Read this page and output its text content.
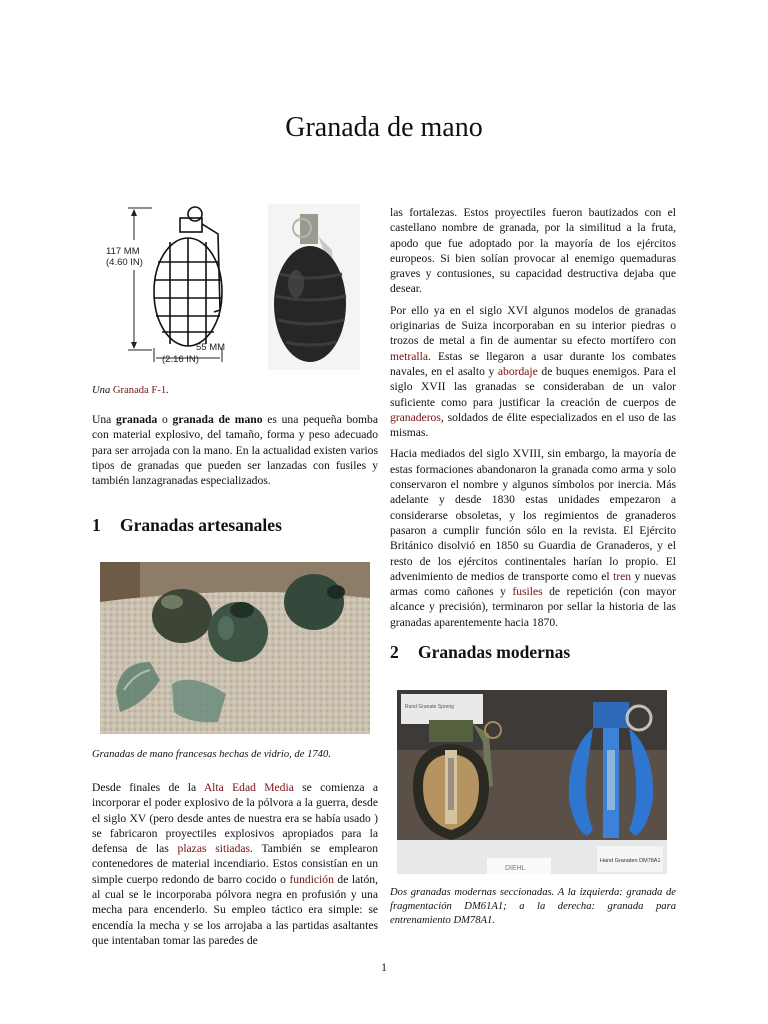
Granada de mano
117 MM
(4.60 IN)
55 MM
(2.16 IN)
Una Granada F-1.

Una granada o granada de mano es una pequeña bomba con material explosivo, del tamaño, forma y peso adecuado para ser arrojada con la mano. En la actualidad existen varios tipos de granadas que pueden ser lanzadas con fusiles y también lanzagranadas especializados.

1 Granadas artesanales
Granadas de mano francesas hechas de vidrio, de 1740.

Desde finales de la Alta Edad Media se comienza a incorporar el poder explosivo de la pólvora a la guerra, desde el siglo XV (pero desde antes de nuestra era se había usado ) se fabricaron proyectiles explosivos apropiados para la defensa de las plazas sitiadas. También se emplearon contenedores de material incendiario. Estos consistían en un simple cuerpo redondo de barro cocido o fundición de latón, al cual se le incorporaba pólvora negra en profusión y una mecha para encenderlo. Su empleo táctico era simple: se encendía la mecha y se los arrojaba a las partidas asaltantes que intentaban tomar las paredes de

las fortalezas. Estos proyectiles fueron bautizados con el castellano nombre de granada, por la similitud a la fruta, apodo que fue adoptado por la mayoría de los ejércitos europeos. Si bien solían provocar al enemigo quemaduras graves y contusiones, su capacidad destructiva dejaba que desear.

Por ello ya en el siglo XVI algunos modelos de granadas originarias de Suiza incorporaban en su interior piedras o trozos de metal a fin de aumentar su efecto mortífero con metralla. Estas se llegaron a usar durante los combates navales, en el asalto y abordaje de buques enemigos. Para el siglo XVII las granadas se consideraban de un valor suficiente como para justificar la creación de cuerpos de granaderos, soldados de élite especializados en el uso de las mismas.

Hacia mediados del siglo XVIII, sin embargo, la mayoría de estas formaciones abandonaron la granada como arma y solo conservaron el nombre y algunos símbolos por inercia. Más adelante y desde 1830 estas unidades empezaron a considerarse obsoletas, y los regimientos de granaderos pasaron a cumplir función sólo en la revista. El Ejército Británico disolvió en 1850 su Guardia de Granaderos, y el resto de los ejércitos continentales harían lo propio. El advenimiento de medios de transporte como el tren y nuevas armas como cañones y fusiles de repetición (con mayor alcance y precisión), terminaron por sellar la historia de las granadas aparentemente hacia 1870.

2 Granadas modernas
Hand Granaten DM78A1
Rund Granate Spreng
DIEHL
Dos granadas modernas seccionadas. A la izquierda: granada de fragmentación DM61A1; a la derecha: granada para entrenamiento DM78A1.
1
